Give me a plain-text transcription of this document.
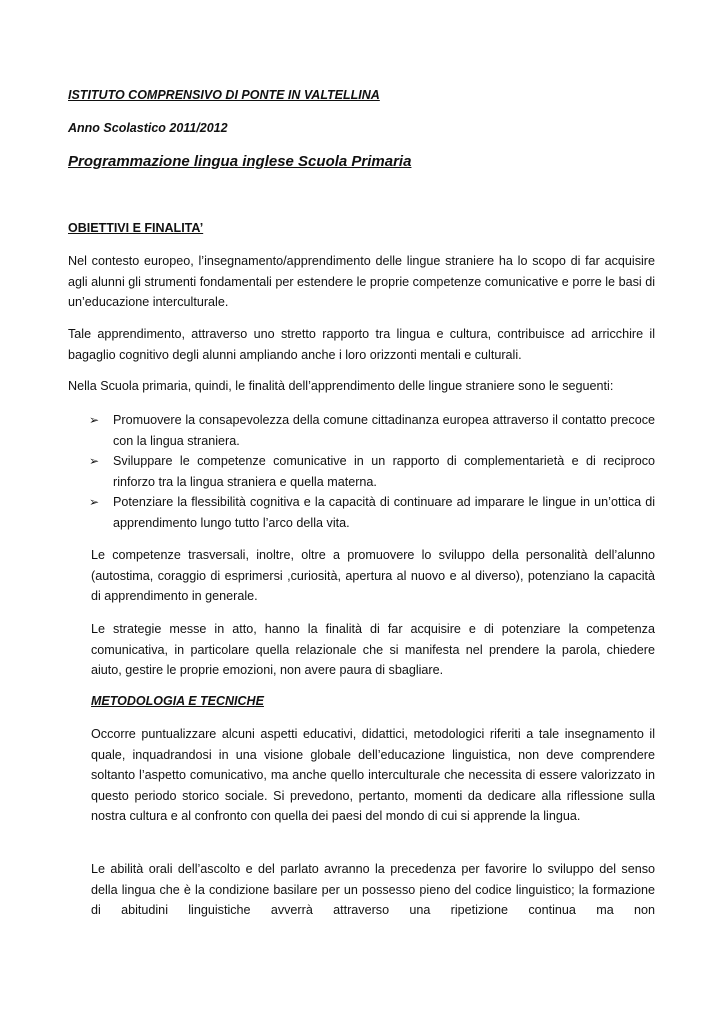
ISTITUTO COMPRENSIVO DI PONTE IN VALTELLINA
Anno Scolastico 2011/2012
Programmazione lingua inglese Scuola Primaria
OBIETTIVI E FINALITA’

Nel contesto europeo, l’insegnamento/apprendimento delle lingue straniere ha lo scopo di far acquisire agli alunni gli strumenti fondamentali per estendere le proprie competenze comunicative e porre le basi di un’educazione interculturale.

Tale apprendimento, attraverso uno stretto rapporto tra lingua e cultura, contribuisce ad arricchire il bagaglio cognitivo degli alunni ampliando anche i loro orizzonti mentali e culturali.

Nella Scuola primaria, quindi, le finalità dell’apprendimento delle lingue straniere sono le seguenti:

➢ Promuovere la consapevolezza della comune cittadinanza europea attraverso il contatto precoce con la lingua straniera.
➢ Sviluppare le competenze comunicative in un rapporto di complementarietà e di reciproco rinforzo tra la lingua straniera e quella materna.
➢ Potenziare la flessibilità cognitiva e la capacità di continuare ad imparare le lingue in un’ottica di apprendimento lungo tutto l’arco della vita.

Le competenze trasversali, inoltre, oltre a promuovere lo sviluppo della personalità dell’alunno (autostima, coraggio di esprimersi ,curiosità, apertura al nuovo e al diverso), potenziano la capacità di apprendimento in generale.

Le strategie messe in atto, hanno la finalità di far acquisire e di potenziare la competenza comunicativa, in particolare quella relazionale che si manifesta nel prendere la parola, chiedere aiuto, gestire le proprie emozioni, non avere paura di sbagliare.

METODOLOGIA E TECNICHE

Occorre puntualizzare alcuni aspetti educativi, didattici, metodologici riferiti a tale insegnamento il quale, inquadrandosi in una visione globale dell’educazione linguistica, non deve comprendere soltanto l’aspetto comunicativo, ma anche quello interculturale che necessita di essere valorizzato in questo periodo storico sociale. Si prevedono, pertanto, momenti da dedicare alla riflessione sulla nostra cultura e al confronto con quella dei paesi del mondo di cui si apprende la lingua.

Le abilità orali dell’ascolto e del parlato avranno la precedenza per favorire lo sviluppo del senso della lingua che è la condizione basilare per un possesso pieno del codice linguistico; la formazione di abitudini linguistiche avverrà attraverso una ripetizione continua ma non
